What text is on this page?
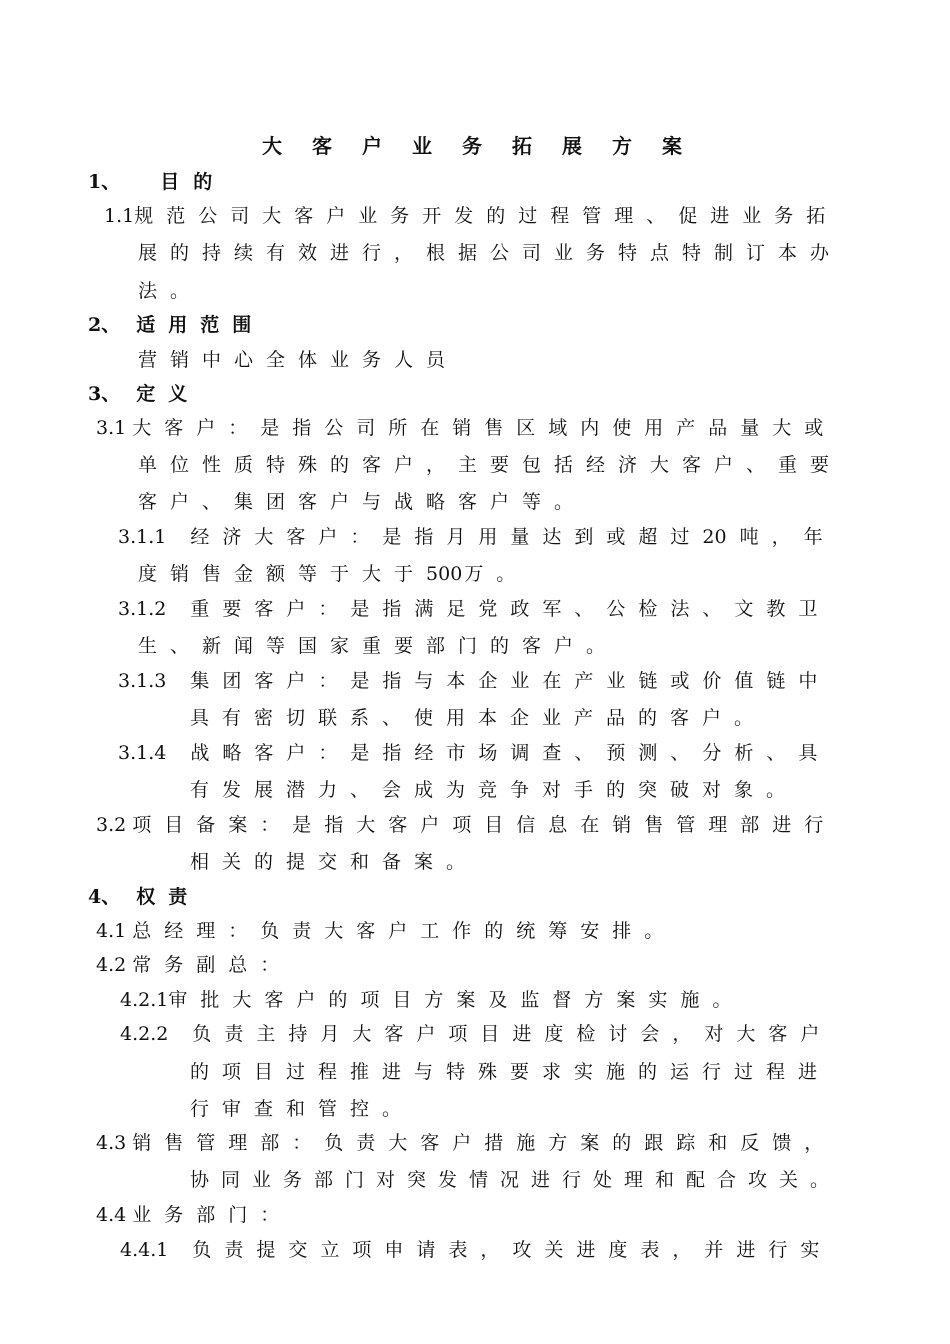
大客户业务拓展方案
1、 目的
1.1规范公司大客户业务开发的过程管理、促进业务拓
展的持续有效进行，根据公司业务特点特制订本办
法。
2、 适用范围
营销中心全体业务人员
3、 定义
3.1 大客户：是指公司所在销售区域内使用产品量大或
单位性质特殊的客户，主要包括经济大客户、重要
客户、集团客户与战略客户等。
3.1.1 经济大客户：是指月用量达到或超过20 吨，年
度销售金额等于大于500 万。
3.1.2 重要客户：是指满足党政军、公检法、文教卫
生、新闻等国家重要部门的客户。
3.1.3 集团客户：是指与本企业在产业链或价值链中
具有密切联系、使用本企业产品的客户。
3.1.4 战略客户：是指经市场调查、预测、分析、具
有发展潜力、会成为竞争对手的突破对象。
3.2 项目备案：是指大客户项目信息在销售管理部进行
相关的提交和备案。
4、 权责
4.1 总经理：负责大客户工作的统筹安排。
4.2 常务副总：
4.2.1审批大客户的项目方案及监督方案实施。
4.2.2 负责主持月大客户项目进度检讨会，对大客户
的项目过程推进与特殊要求实施的运行过程进
行审查和管控。
4.3 销售管理部：负责大客户措施方案的跟踪和反馈，
协同业务部门对突发情况进行处理和配合攻关。
4.4 业务部门：
4.4.1 负责提交立项申请表，攻关进度表，并进行实
